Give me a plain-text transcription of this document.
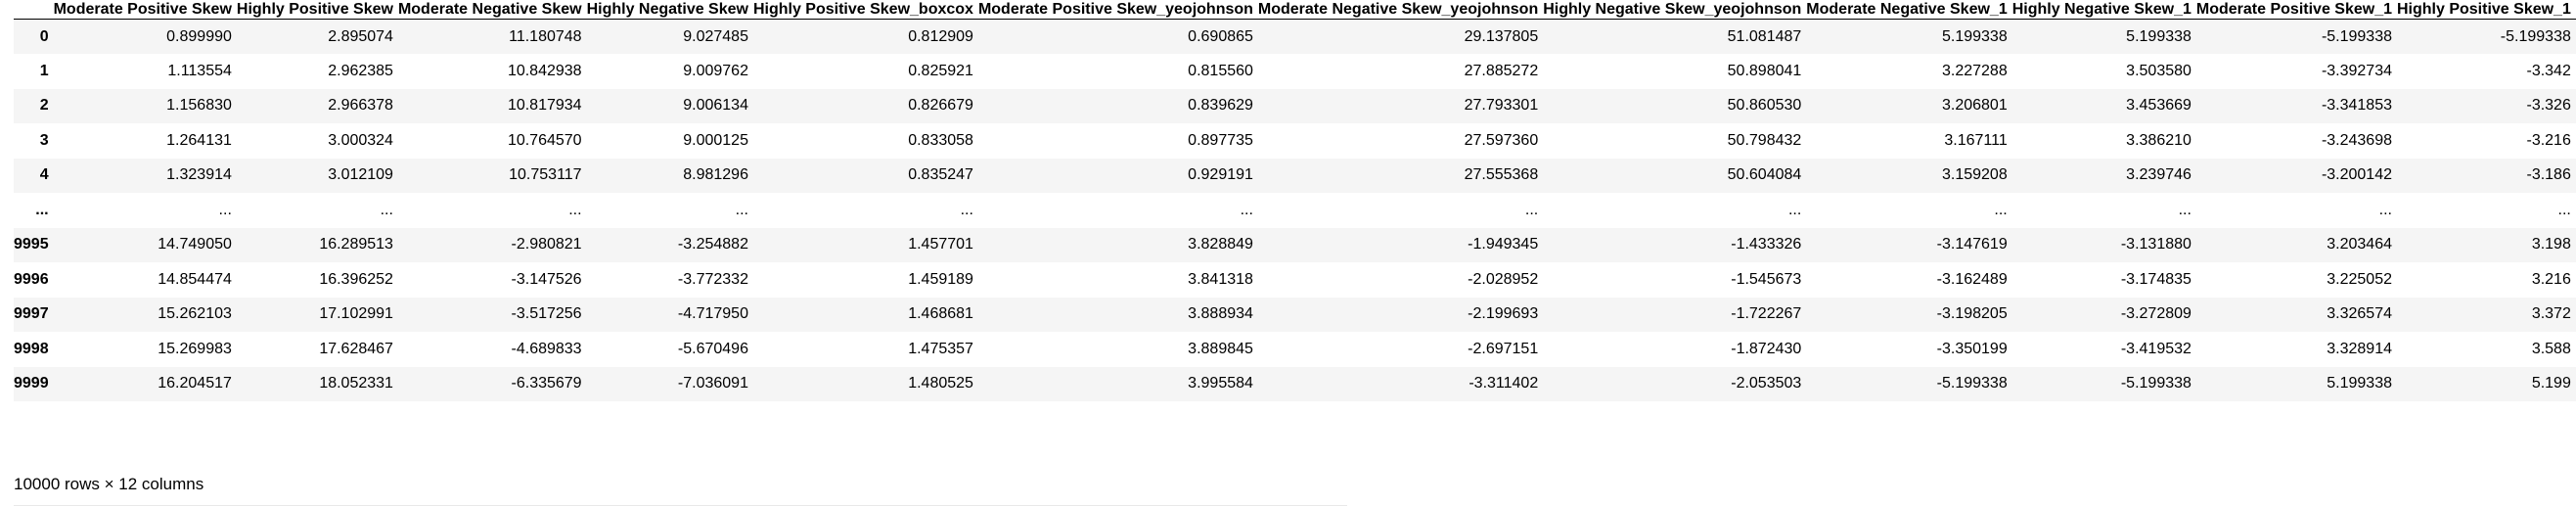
	Moderate Positive Skew	Highly Positive Skew	Moderate Negative Skew	Highly Negative Skew	Highly Positive Skew_boxcox	Moderate Positive Skew_yeojohnson	Moderate Negative Skew_yeojohnson	Highly Negative Skew_yeojohnson	Moderate Negative Skew_1	Highly Negative Skew_1	Moderate Positive Skew_1	Highly Positive Skew_1
0	0.899990	2.895074	11.180748	9.027485	0.812909	0.690865	29.137805	51.081487	5.199338	5.199338	-5.199338	-5.199338
1	1.113554	2.962385	10.842938	9.009762	0.825921	0.815560	27.885272	50.898041	3.227288	3.503580	-3.392734	-3.342
2	1.156830	2.966378	10.817934	9.006134	0.826679	0.839629	27.793301	50.860530	3.206801	3.453669	-3.341853	-3.326
3	1.264131	3.000324	10.764570	9.000125	0.833058	0.897735	27.597360	50.798432	3.167111	3.386210	-3.243698	-3.216
4	1.323914	3.012109	10.753117	8.981296	0.835247	0.929191	27.555368	50.604084	3.159208	3.239746	-3.200142	-3.186
...	...	...	...	...	...	...	...	...	...	...	...	...
9995	14.749050	16.289513	-2.980821	-3.254882	1.457701	3.828849	-1.949345	-1.433326	-3.147619	-3.131880	3.203464	3.198
9996	14.854474	16.396252	-3.147526	-3.772332	1.459189	3.841318	-2.028952	-1.545673	-3.162489	-3.174835	3.225052	3.216
9997	15.262103	17.102991	-3.517256	-4.717950	1.468681	3.888934	-2.199693	-1.722267	-3.198205	-3.272809	3.326574	3.372
9998	15.269983	17.628467	-4.689833	-5.670496	1.475357	3.889845	-2.697151	-1.872430	-3.350199	-3.419532	3.328914	3.588
9999	16.204517	18.052331	-6.335679	-7.036091	1.480525	3.995584	-3.311402	-2.053503	-5.199338	-5.199338	5.199338	5.199
10000 rows × 12 columns
